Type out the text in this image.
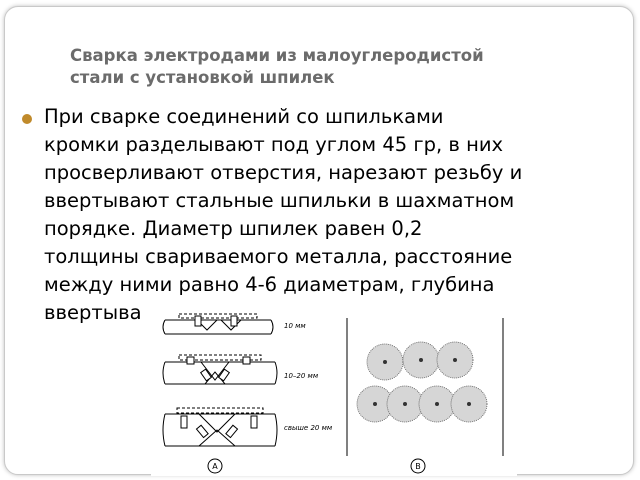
Сварка электродами из малоуглеродистой
стали с установкой шпилек
При сварке соединений со шпильками
кромки разделывают под углом 45 гр, в них
просверливают отверстия, нарезают резьбу и
ввертывают стальные шпильки в шахматном
порядке. Диаметр шпилек равен 0,2
толщины свариваемого металла, расстояние
между ними равно 4-6 диаметрам, глубина
ввертыва
10 мм
10–20 мм
свыше 20 мм
А	В
